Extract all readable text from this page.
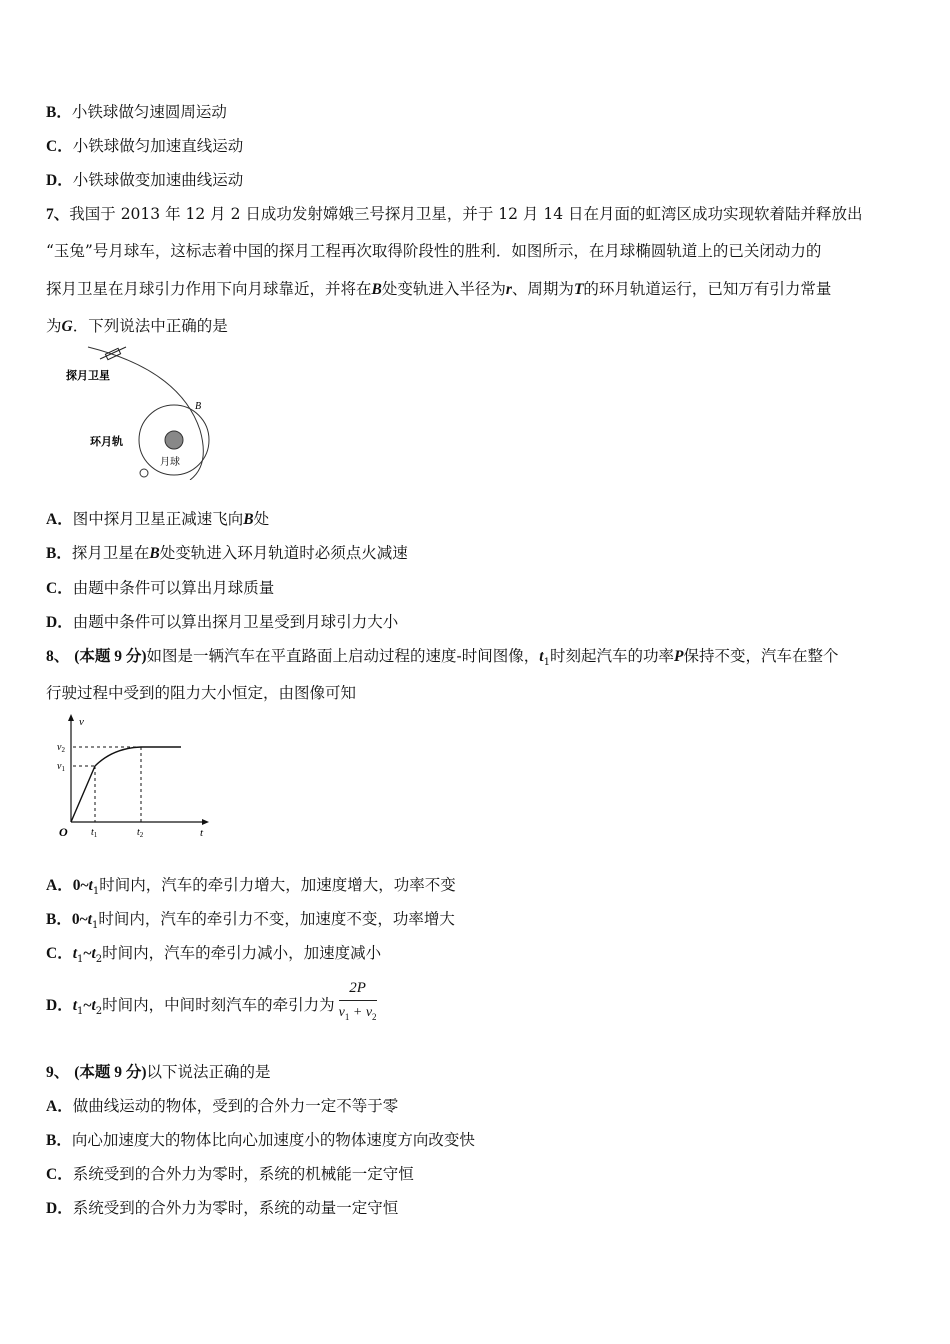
B．小铁球做匀速圆周运动
C．小铁球做匀加速直线运动
D．小铁球做变加速曲线运动
7、我国于 2013 年 12 月 2 日成功发射嫦娥三号探月卫星，并于 12 月 14 日在月面的虹湾区成功实现软着陆并释放出
“玉兔”号月球车，这标志着中国的探月工程再次取得阶段性的胜利．如图所示，在月球椭圆轨道上的已关闭动力的
探月卫星在月球引力作用下向月球靠近，并将在B处变轨进入半径为r、周期为T的环月轨道运行，已知万有引力常量
为G．下列说法中正确的是
探月卫星
B
月球
环月轨
A．图中探月卫星正减速飞向B处
B．探月卫星在B处变轨进入环月轨道时必须点火减速
C．由题中条件可以算出月球质量
D．由题中条件可以算出探月卫星受到月球引力大小
8、 (本题 9 分)如图是一辆汽车在平直路面上启动过程的速度-时间图像，$t_1$时刻起汽车的功率P保持不变，汽车在整个
行驶过程中受到的阻力大小恒定，由图像可知
v
t
O
$v_2$
$v_1$
$t_1$	$t_2$
A．$0\sim t_1$时间内，汽车的牵引力增大，加速度增大，功率不变
B．$0\sim t_1$时间内，汽车的牵引力不变，加速度不变，功率增大
C．$t_1\sim t_2$时间内，汽车的牵引力减小，加速度减小
D．$t_1\sim t_2$时间内，中间时刻汽车的牵引力为 $\frac{2P}{v_1 + v_2}$
9、 (本题 9 分)以下说法正确的是
A．做曲线运动的物体，受到的合外力一定不等于零
B．向心加速度大的物体比向心加速度小的物体速度方向改变快
C．系统受到的合外力为零时，系统的机械能一定守恒
D．系统受到的合外力为零时，系统的动量一定守恒
